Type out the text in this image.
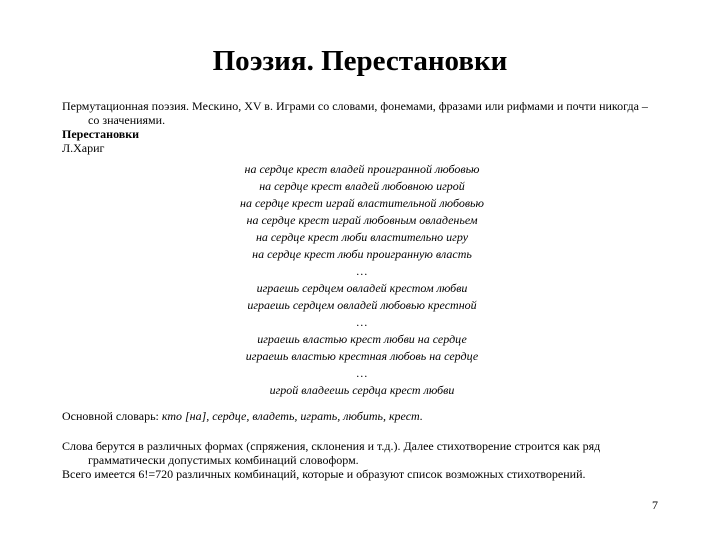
Поэзия. Перестановки

Пермутационная поэзия. Мескино, XV в. Играми со словами, фонемами, фразами или рифмами и почти никогда – со значениями.

Перестановки

Л.Хариг

на сердце крест владей проигранной любовью
на сердце крест владей любовною игрой
на сердце крест играй властительной любовью
на сердце крест играй любовным овладеньем
на сердце крест люби властительно игру
на сердце крест люби проигранную власть
…
играешь сердцем овладей крестом любви
играешь сердцем овладей любовью крестной
…
играешь властью крест любви на сердце
играешь властью крестная любовь на сердце
…
игрой владеешь сердца крест любви

Основной словарь: кто [на], сердце, владеть, играть, любить, крест.

Слова берутся в различных формах (спряжения, склонения и т.д.). Далее стихотворение строится как ряд грамматически допустимых комбинаций словоформ.

Всего имеется 6!=720 различных комбинаций, которые и образуют список возможных стихотворений.

7
